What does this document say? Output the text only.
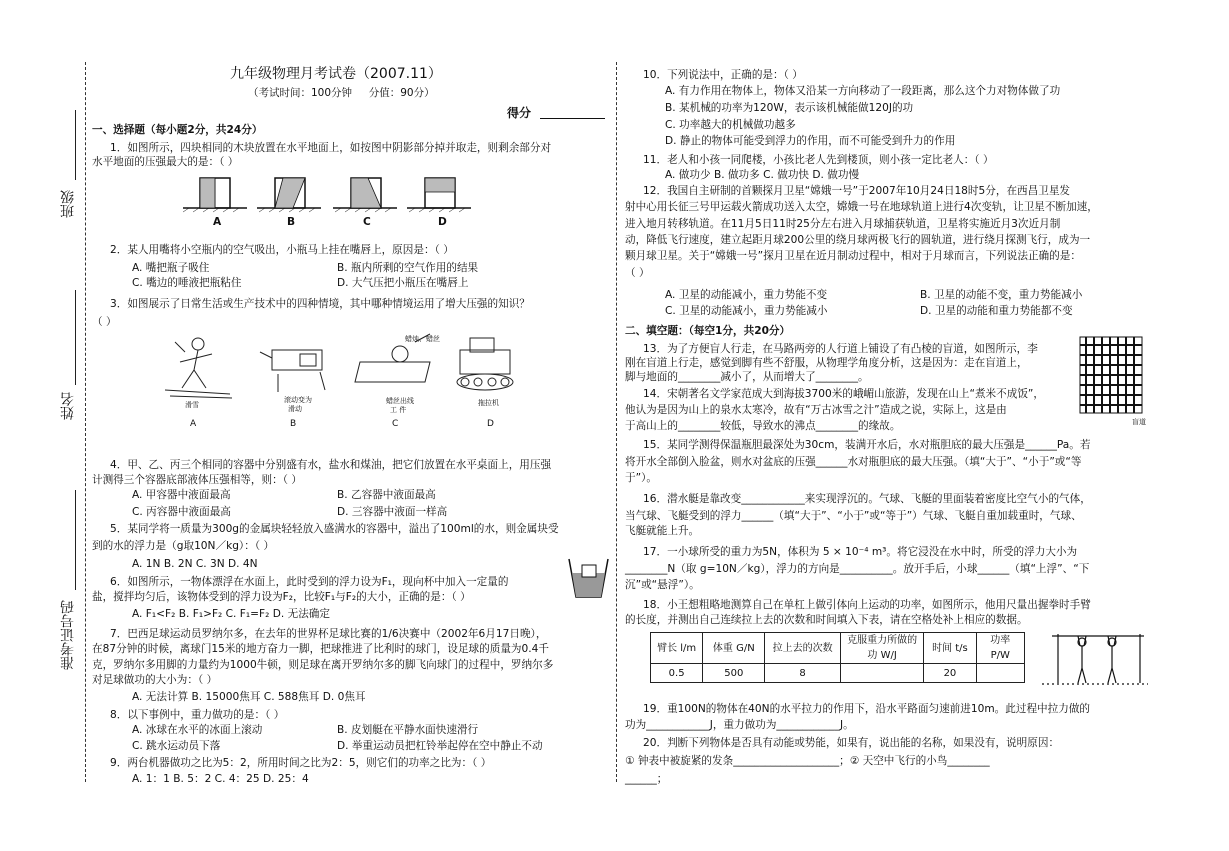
班级
姓名
准考证号码
九年级物理月考试卷（2007.11）
（考试时间：100分钟     分值：90分）
得分
一、选择题（每小题2分，共24分）
1．如图所示，四块相同的木块放置在水平地面上，如按图中阴影部分掉并取走，则剩余部分对
水平地面的压强最大的是：（ ）
2．某人用嘴将小空瓶内的空气吸出，小瓶马上挂在嘴唇上，原因是：（ ）
A. 嘴把瓶子吸住	B. 瓶内所剩的空气作用的结果
C. 嘴边的唾液把瓶粘住	D. 大气压把小瓶压在嘴唇上
3．如图展示了日常生活或生产技术中的四种情境，其中哪种情境运用了增大压强的知识？
（ ）
4．甲、乙、丙三个相同的容器中分别盛有水，盐水和煤油，把它们放置在水平桌面上，用压强
计测得三个容器底部液体压强相等，则：（ ）
A. 甲容器中液面最高	B. 乙容器中液面最高
C. 丙容器中液面最高	D. 三容器中液面一样高
5．某同学将一质量为300g的金属块轻轻放入盛满水的容器中，溢出了100ml的水，则金属块受
到的水的浮力是（g取10N／kg）：（ ）
A. 1N B. 2N C. 3N D. 4N
6．如图所示，一物体漂浮在水面上，此时受到的浮力设为F₁，现向杯中加入一定量的
盐，搅拌均匀后，该物体受到的浮力设为F₂，比较F₁与F₂的大小，正确的是：（ ）
A. F₁<F₂ B. F₁>F₂ C. F₁=F₂ D. 无法确定
7．巴西足球运动员罗纳尔多，在去年的世界杯足球比赛的1/6决赛中（2002年6月17日晚），
在87分钟的时候，离球门15米的地方奋力一脚，把球推进了比利时的球门，设足球的质量为0.4千
克，罗纳尔多用脚的力量约为1000牛顿，则足球在离开罗纳尔多的脚飞向球门的过程中，罗纳尔多
对足球做功的大小为：（ ）
A. 无法计算 B. 15000焦耳 C. 588焦耳 D. 0焦耳
8．以下事例中，重力做功的是：（ ）
A. 冰球在水平的冰面上滚动	B. 皮划艇在平静水面快速滑行
C. 跳水运动员下落	D. 举重运动员把杠铃举起停在空中静止不动
9．两台机器做功之比为5：2，所用时间之比为2：5，则它们的功率之比为：（ ）
A. 1：1 B. 5：2 C. 4：25 D. 25：4
10．下列说法中，正确的是：（ ）
A. 有力作用在物体上，物体又沿某一方向移动了一段距离，那么这个力对物体做了功
B. 某机械的功率为120W，表示该机械能做120J的功
C. 功率越大的机械做功越多
D. 静止的物体可能受到浮力的作用，而不可能受到升力的作用
11．老人和小孩一同爬楼，小孩比老人先到楼顶，则小孩一定比老人：（ ）
A. 做功少 B. 做功多 C. 做功快 D. 做功慢
12．我国自主研制的首颗探月卫星“嫦娥一号”于2007年10月24日18时5分，在西昌卫星发
射中心用长征三号甲运载火箭成功送入太空，嫦娥一号在地球轨道上进行4次变轨，让卫星不断加速，
进入地月转移轨道。在11月5日11时25分左右进入月球捕获轨道，卫星将实施近月3次近月制
动，降低飞行速度，建立起距月球200公里的绕月球两极飞行的圆轨道，进行绕月探测飞行，成为一
颗月球卫星。关于“嫦娥一号”探月卫星在近月制动过程中，相对于月球而言，下列说法正确的是：
（ ）
A. 卫星的动能减小，重力势能不变	B. 卫星的动能不变，重力势能减小
C. 卫星的动能减小，重力势能减小	D. 卫星的动能和重力势能都不变
二、填空题：（每空1分，共20分）
13．为了方便盲人行走，在马路两旁的人行道上铺设了有凸棱的盲道，如图所示，李
刚在盲道上行走，感觉到脚有些不舒服，从物理学角度分析，这是因为：走在盲道上，
脚与地面的________减小了，从而增大了________。
14．宋朝著名文学家范成大到海拔3700米的峨嵋山旅游，发现在山上“煮米不成饭”，
他认为是因为山上的泉水太寒冷，故有“万古冰雪之汁”造成之说，实际上，这是由
于高山上的________较低，导致水的沸点________的缘故。
15．某同学测得保温瓶胆最深处为30cm，装满开水后，水对瓶胆底的最大压强是______Pa。若
将开水全部倒入脸盆，则水对盆底的压强______水对瓶胆底的最大压强。（填“大于”、“小于”或“等
于”）。
16．潜水艇是靠改变____________来实现浮沉的。气球、飞艇的里面装着密度比空气小的气体，
当气球、飞艇受到的浮力______（填“大于”、“小于”或“等于”）气球、飞艇自重加载重时，气球、
飞艇就能上升。
17．一小球所受的重力为5N，体积为 5 × 10⁻⁴ m³。将它浸没在水中时，所受的浮力大小为
________N（取 g=10N／kg），浮力的方向是__________。放开手后，小球______（填“上浮”、“下
沉”或“悬浮”）。
18．小王想粗略地测算自己在单杠上做引体向上运动的功率，如图所示，他用尺量出握拳时手臂
的长度，并测出自己连续拉上去的次数和时间填入下表，请在空格处补上相应的数据。
19．重100N的物体在40N的水平拉力的作用下，沿水平路面匀速前进10m。此过程中拉力做的
功为____________J，重力做功为____________J。
20．判断下列物体是否具有动能或势能，如果有，说出能的名称，如果没有，说明原因：
① 钟表中被旋紧的发条____________________；② 天空中飞行的小鸟________
______；
A	B	C	D
蜡烛、蜡丝
滑雪
滚动变为
滑动
蜡丝出线
工 件
拖拉机
A	B	C	D	盲道
臂长 l/m	体重 G/N	拉上去的次数	克服重力所做的功 W/J	时间 t/s	功率 P/W
0.5	500	8		20	
